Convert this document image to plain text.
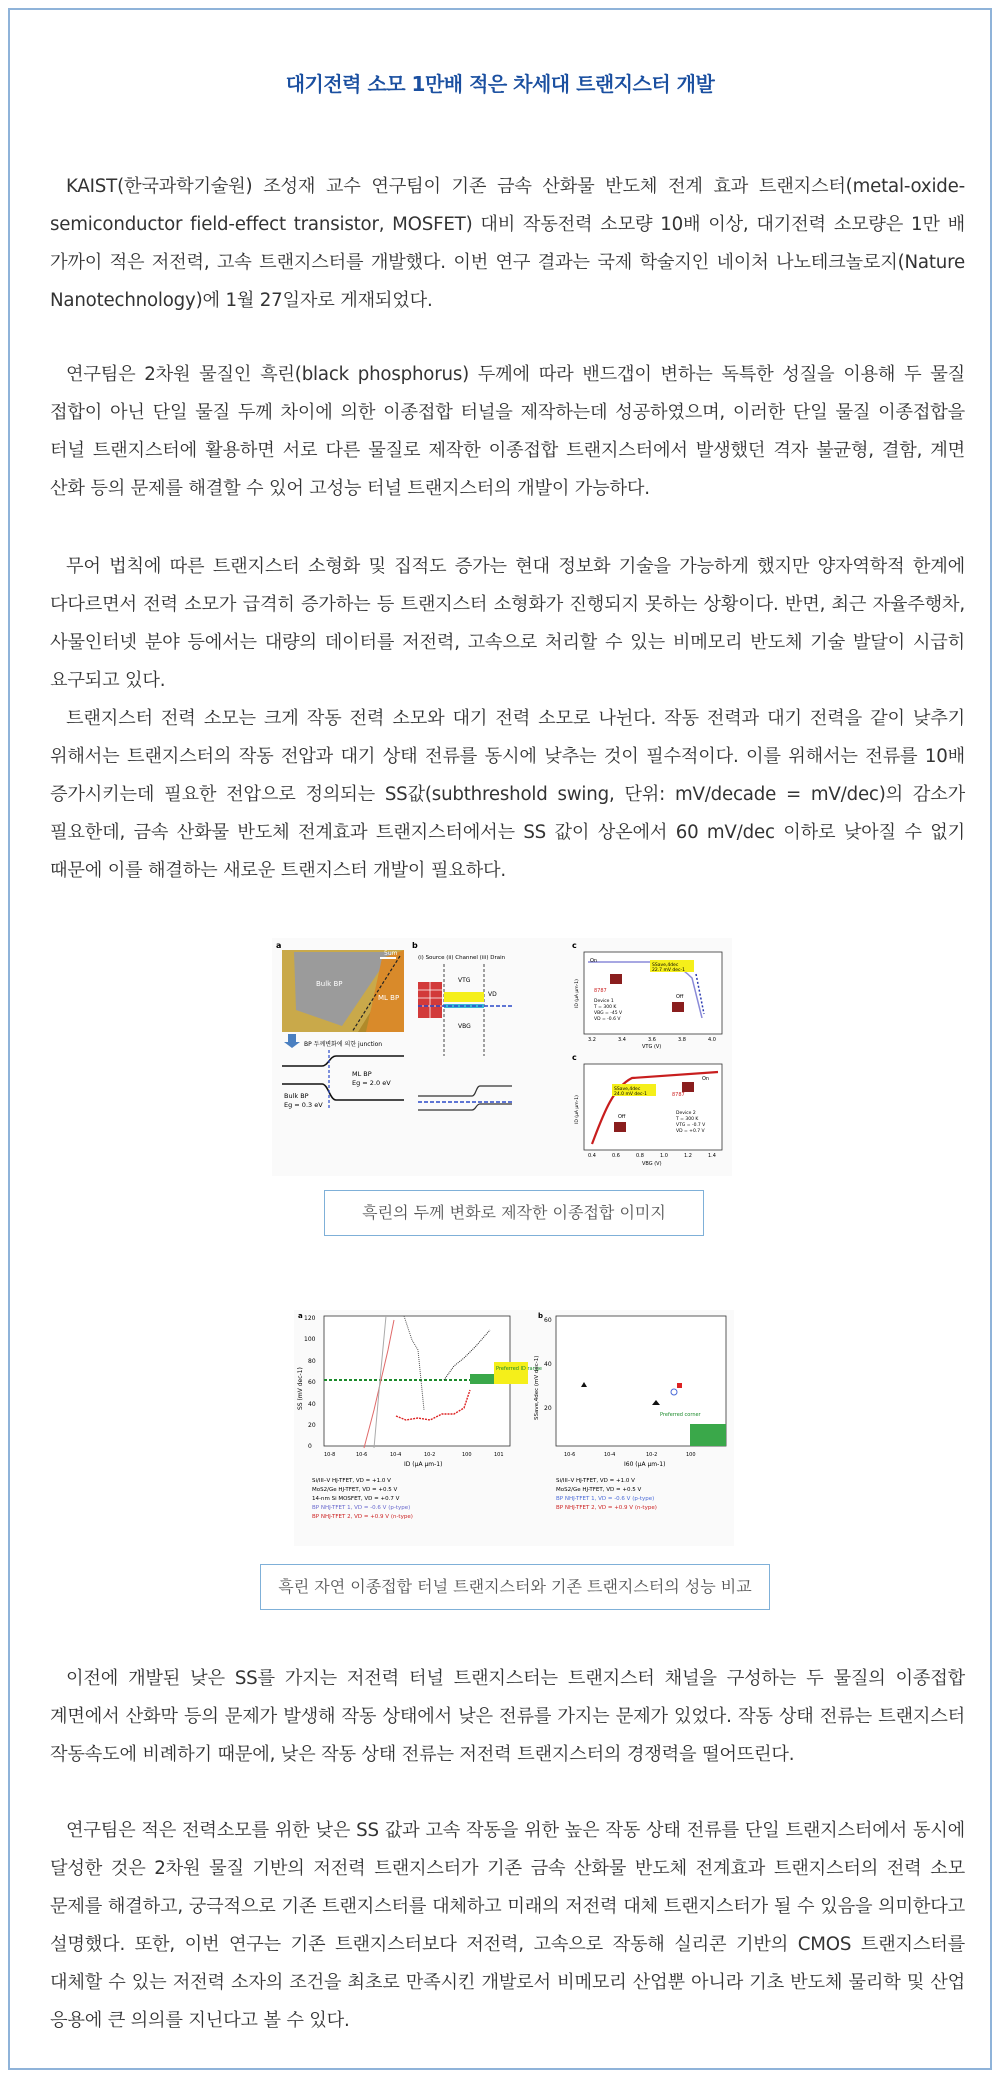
대기전력 소모 1만배 적은 차세대 트랜지스터 개발

KAIST(한국과학기술원) 조성재 교수 연구팀이 기존 금속 산화물 반도체 전계 효과 트랜지스터(metal-oxide-semiconductor field-effect transistor, MOSFET) 대비 작동전력 소모량 10배 이상, 대기전력 소모량은 1만 배 가까이 적은 저전력, 고속 트랜지스터를 개발했다. 이번 연구 결과는 국제 학술지인 네이처 나노테크놀로지(Nature Nanotechnology)에 1월 27일자로 게재되었다.

연구팀은 2차원 물질인 흑린(black phosphorus) 두께에 따라 밴드갭이 변하는 독특한 성질을 이용해 두 물질 접합이 아닌 단일 물질 두께 차이에 의한 이종접합 터널을 제작하는데 성공하였으며, 이러한 단일 물질 이종접합을 터널 트랜지스터에 활용하면 서로 다른 물질로 제작한 이종접합 트랜지스터에서 발생했던 격자 불균형, 결함, 계면 산화 등의 문제를 해결할 수 있어 고성능 터널 트랜지스터의 개발이 가능하다.

무어 법칙에 따른 트랜지스터 소형화 및 집적도 증가는 현대 정보화 기술을 가능하게 했지만 양자역학적 한계에 다다르면서 전력 소모가 급격히 증가하는 등 트랜지스터 소형화가 진행되지 못하는 상황이다. 반면, 최근 자율주행차, 사물인터넷 분야 등에서는 대량의 데이터를 저전력, 고속으로 처리할 수 있는 비메모리 반도체 기술 발달이 시급히 요구되고 있다.

트랜지스터 전력 소모는 크게 작동 전력 소모와 대기 전력 소모로 나뉜다. 작동 전력과 대기 전력을 같이 낮추기 위해서는 트랜지스터의 작동 전압과 대기 상태 전류를 동시에 낮추는 것이 필수적이다. 이를 위해서는 전류를 10배 증가시키는데 필요한 전압으로 정의되는 SS값(subthreshold swing, 단위: mV/decade = mV/dec)의 감소가 필요한데, 금속 산화물 반도체 전계효과 트랜지스터에서는 SS 값이 상온에서 60 mV/dec 이하로 낮아질 수 없기 때문에 이를 해결하는 새로운 트랜지스터 개발이 필요하다.

a
5um
Bulk BP
ML BP
BP 두께변화에 의한 junction
ML BP
Eg = 2.0 eV
Bulk BP
Eg = 0.3 eV
b
(i) Source (ii) Channel (iii) Drain
VTG
VD
VBG
c
SSave,4dec
22.7 mV dec-1
On
Off
8787
Device 1
T = 300 K
VBG = -45 V
VD = -0.6 V
3.2	3.4	3.6	3.8	4.0
VTG (V)
ID (μA μm-1)
c
SSave,4dec
24.0 mV dec-1
On
Off
8787
Device 2
T = 300 K
VTG = -0.7 V
VD = +0.7 V
0.4	0.6	0.8	1.0	1.2	1.4
VBG (V)
ID (μA μm-1)
흑린의 두께 변화로 제작한 이종접합 이미지
a
0
20
40
60
80
100
120
SS (mV dec-1)	Preferred ID range
10-8	10-6	10-4	10-2	100	101
ID (μA μm-1)
Si/III–V HJ-TFET, VD = +1.0 V
MoS2/Ge HJ-TFET, VD = +0.5 V
14-nm Si MOSFET, VD = +0.7 V
BP NHJ-TFET 1, VD = -0.6 V (p-type)
BP NHJ-TFET 2, VD = +0.9 V (n-type)
b
20
40
60
SSave,4dec (mV dec-1)	Preferred corner
10-6	10-4	10-2	100
I60 (μA μm-1)
Si/III–V HJ-TFET, VD = +1.0 V
MoS2/Ge HJ-TFET, VD = +0.5 V
BP NHJ-TFET 1, VD = -0.6 V (p-type)
BP NHJ-TFET 2, VD = +0.9 V (n-type)
흑린 자연 이종접합 터널 트랜지스터와 기존 트랜지스터의 성능 비교

이전에 개발된 낮은 SS를 가지는 저전력 터널 트랜지스터는 트랜지스터 채널을 구성하는 두 물질의 이종접합 계면에서 산화막 등의 문제가 발생해 작동 상태에서 낮은 전류를 가지는 문제가 있었다. 작동 상태 전류는 트랜지스터 작동속도에 비례하기 때문에, 낮은 작동 상태 전류는 저전력 트랜지스터의 경쟁력을 떨어뜨린다.

연구팀은 적은 전력소모를 위한 낮은 SS 값과 고속 작동을 위한 높은 작동 상태 전류를 단일 트랜지스터에서 동시에 달성한 것은 2차원 물질 기반의 저전력 트랜지스터가 기존 금속 산화물 반도체 전계효과 트랜지스터의 전력 소모 문제를 해결하고, 궁극적으로 기존 트랜지스터를 대체하고 미래의 저전력 대체 트랜지스터가 될 수 있음을 의미한다고 설명했다. 또한, 이번 연구는 기존 트랜지스터보다 저전력, 고속으로 작동해 실리콘 기반의 CMOS 트랜지스터를 대체할 수 있는 저전력 소자의 조건을 최초로 만족시킨 개발로서 비메모리 산업뿐 아니라 기초 반도체 물리학 및 산업 응용에 큰 의의를 지닌다고 볼 수 있다.
